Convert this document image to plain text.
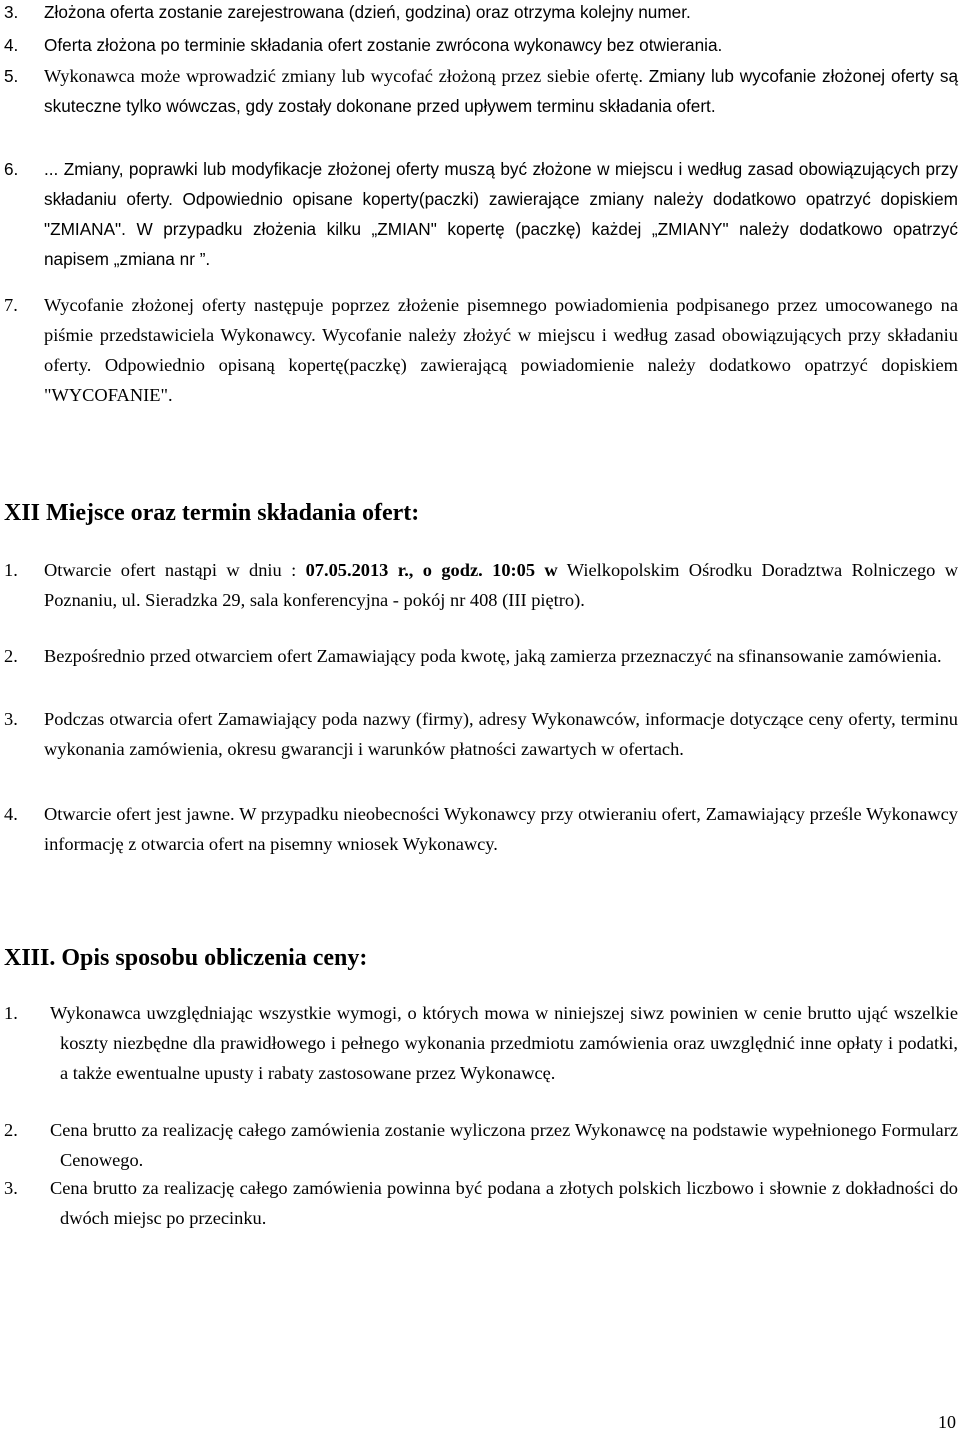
3. Złożona oferta zostanie zarejestrowana (dzień, godzina) oraz otrzyma kolejny numer.
4. Oferta złożona po terminie składania ofert zostanie zwrócona wykonawcy bez otwierania.
5. Wykonawca może wprowadzić zmiany lub wycofać złożoną przez siebie ofertę. Zmiany lub wycofanie złożonej oferty są skuteczne tylko wówczas, gdy zostały dokonane przed upływem terminu składania ofert.
6. ... Zmiany, poprawki lub modyfikacje złożonej oferty muszą być złożone w miejscu i według zasad obowiązujących przy składaniu oferty. Odpowiednio opisane koperty(paczki) zawierające zmiany należy dodatkowo opatrzyć dopiskiem "ZMIANA". W przypadku złożenia kilku „ZMIAN" kopertę (paczkę) każdej „ZMIANY" należy dodatkowo opatrzyć napisem „zmiana nr ”.
7. Wycofanie złożonej oferty następuje poprzez złożenie pisemnego powiadomienia podpisanego przez umocowanego na piśmie przedstawiciela Wykonawcy. Wycofanie należy złożyć w miejscu i według zasad obowiązujących przy składaniu oferty. Odpowiednio opisaną kopertę(paczkę) zawierającą powiadomienie należy dodatkowo opatrzyć dopiskiem "WYCOFANIE".
XII Miejsce oraz termin składania ofert:
1. Otwarcie ofert nastąpi w dniu : 07.05.2013 r., o godz. 10:05 w Wielkopolskim Ośrodku Doradztwa Rolniczego w Poznaniu, ul. Sieradzka 29, sala konferencyjna - pokój nr 408 (III piętro).
2. Bezpośrednio przed otwarciem ofert Zamawiający poda kwotę, jaką zamierza przeznaczyć na sfinansowanie zamówienia.
3. Podczas otwarcia ofert Zamawiający poda nazwy (firmy), adresy Wykonawców, informacje dotyczące ceny oferty, terminu wykonania zamówienia, okresu gwarancji i warunków płatności zawartych w ofertach.
4. Otwarcie ofert jest jawne. W przypadku nieobecności Wykonawcy przy otwieraniu ofert, Zamawiający prześle Wykonawcy informację z otwarcia ofert na pisemny wniosek Wykonawcy.
XIII. Opis sposobu obliczenia ceny:
1. Wykonawca uwzględniając wszystkie wymogi, o których mowa w niniejszej siwz powinien w cenie brutto ująć wszelkie koszty niezbędne dla prawidłowego i pełnego wykonania przedmiotu zamówienia oraz uwzględnić inne opłaty i podatki, a także ewentualne upusty i rabaty zastosowane przez Wykonawcę.
2. Cena brutto za realizację całego zamówienia zostanie wyliczona przez Wykonawcę na podstawie wypełnionego Formularz Cenowego.
3. Cena brutto za realizację całego zamówienia powinna być podana a złotych polskich liczbowo i słownie z dokładności do dwóch miejsc po przecinku.
10
